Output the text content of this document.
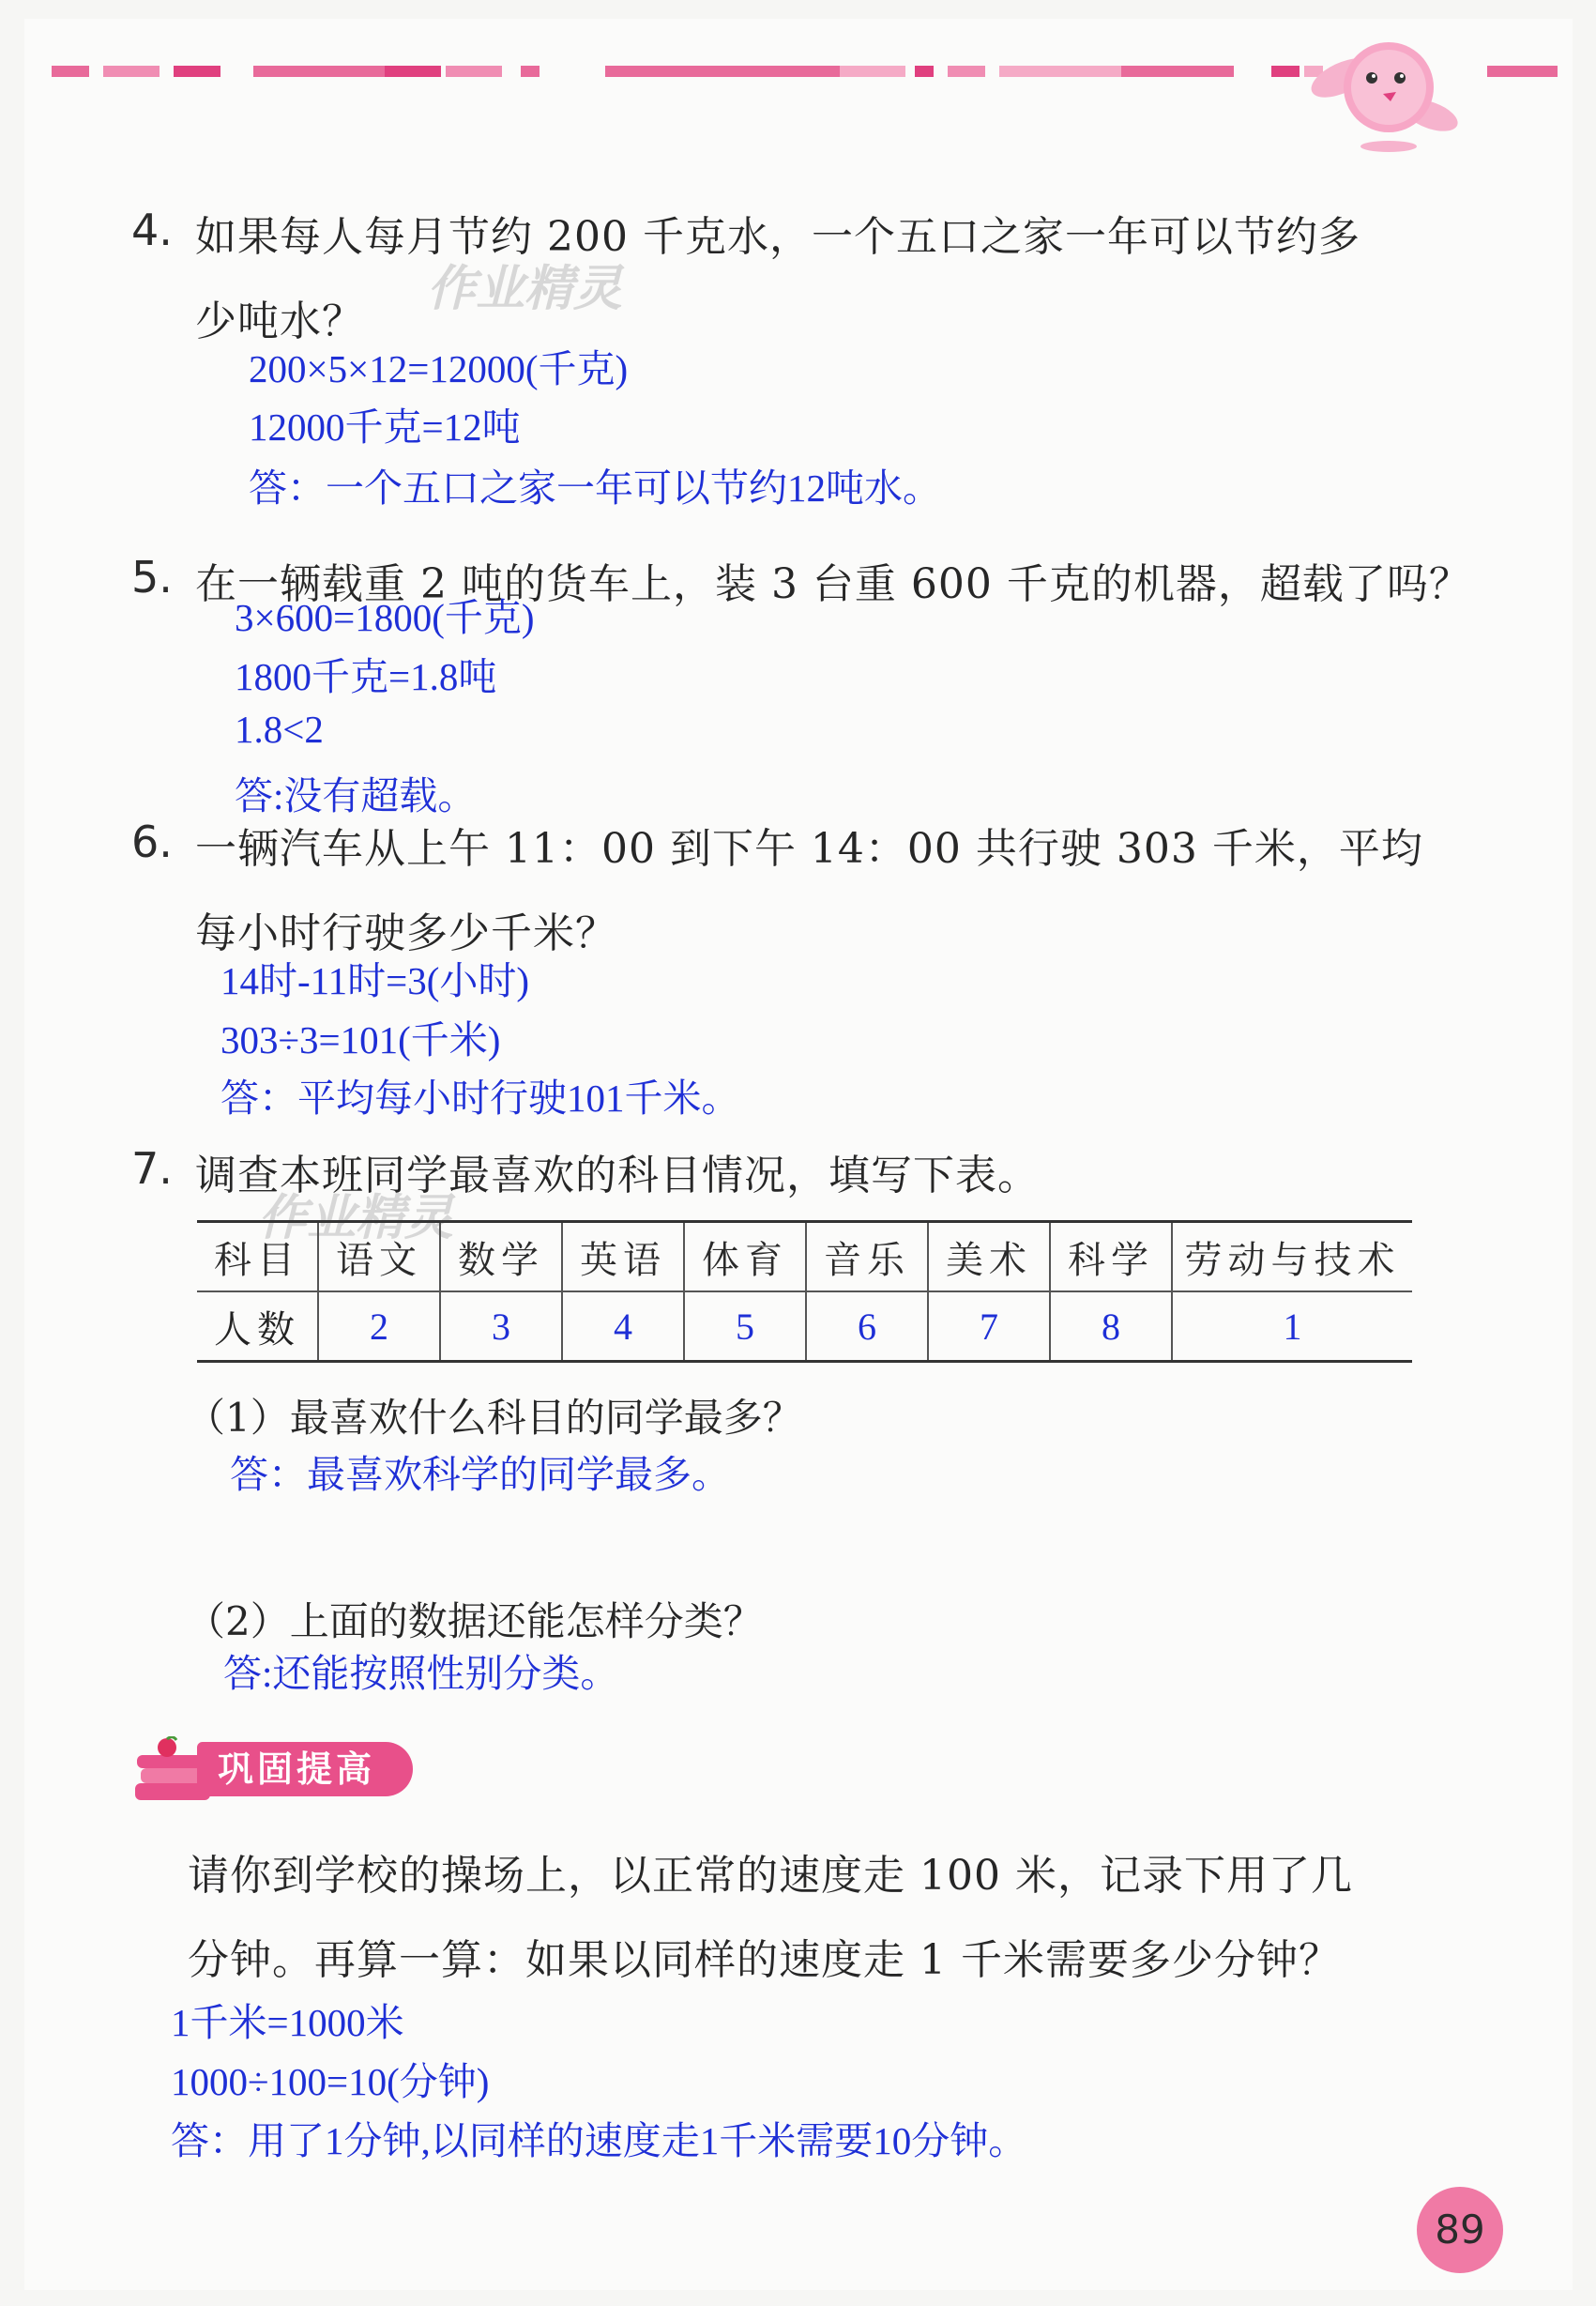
4. 如果每人每月节约 200 千克水，一个五口之家一年可以节约多
少吨水？
作业精灵
200×5×12=12000(千克)
12000千克=12吨
答：一个五口之家一年可以节约12吨水。
5. 在一辆载重 2 吨的货车上，装 3 台重 600 千克的机器，超载了吗？
3×600=1800(千克)
1800千克=1.8吨
1.8<2
答:没有超载。
6. 一辆汽车从上午 11：00 到下午 14：00 共行驶 303 千米，平均
每小时行驶多少千米？
14时-11时=3(小时)
303÷3=101(千米)
答：平均每小时行驶101千米。
7. 调查本班同学最喜欢的科目情况，填写下表。
作业精灵
科目	语文	数学	英语	体育	音乐	美术	科学	劳动与技术
人数	2	3	4	5	6	7	8	1
（1）最喜欢什么科目的同学最多？
答：最喜欢科学的同学最多。
（2）上面的数据还能怎样分类？
答:还能按照性别分类。
巩固提高
请你到学校的操场上，以正常的速度走 100 米，记录下用了几
分钟。再算一算：如果以同样的速度走 1 千米需要多少分钟？
1千米=1000米
1000÷100=10(分钟)
答：用了1分钟,以同样的速度走1千米需要10分钟。
89
